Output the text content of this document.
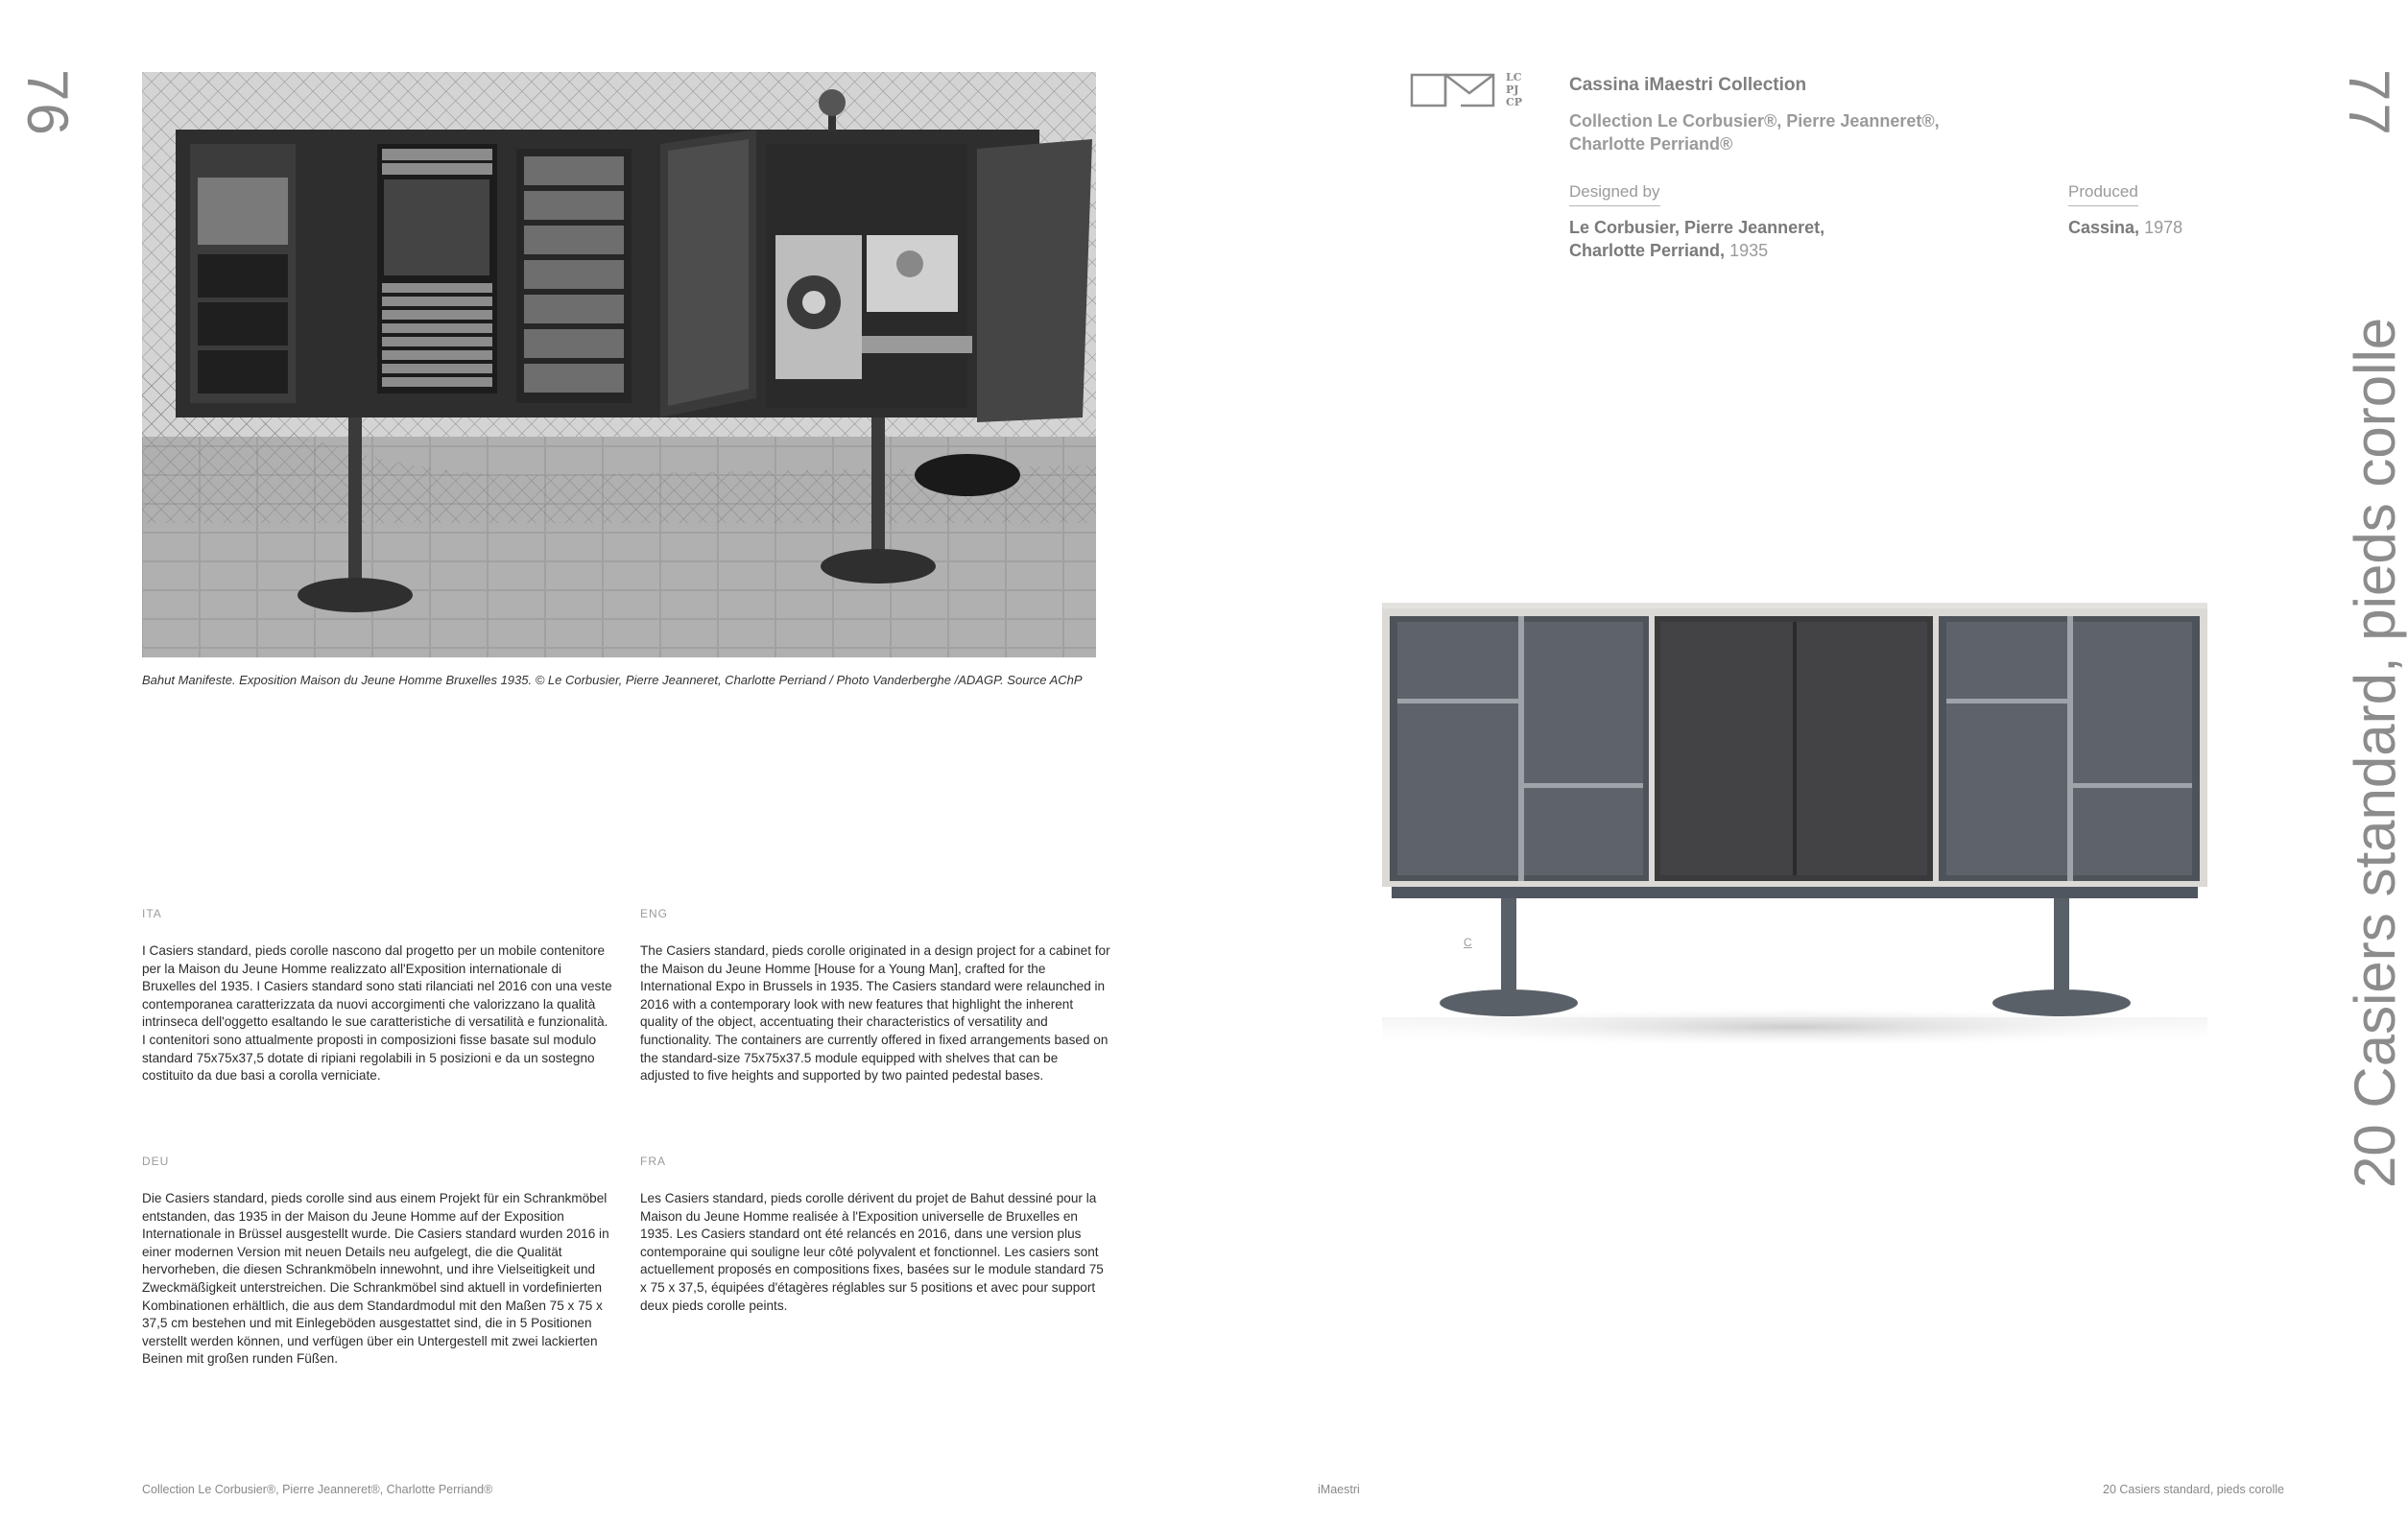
76
Bahut Manifeste. Exposition Maison du Jeune Homme Bruxelles 1935. © Le Corbusier, Pierre Jeanneret, Charlotte Perriand / Photo Vanderberghe /ADAGP. Source AChP
ITA
I Casiers standard, pieds corolle nascono dal progetto per un mobile contenitore per la Maison du Jeune Homme realizzato all'Exposition internationale di Bruxelles del 1935. I Casiers standard sono stati rilanciati nel 2016 con una veste contemporanea caratterizzata da nuovi accorgimenti che valorizzano la qualità intrinseca dell'oggetto esaltando le sue caratteristiche di versatilità e funzionalità. I contenitori sono attualmente proposti in composizioni fisse basate sul modulo standard 75x75x37,5 dotate di ripiani regolabili in 5 posizioni e da un sostegno costituito da due basi a corolla verniciate.
ENG
The Casiers standard, pieds corolle originated in a design project for a cabinet for the Maison du Jeune Homme [House for a Young Man], crafted for the International Expo in Brussels in 1935. The Casiers standard were relaunched in 2016 with a contemporary look with new features that highlight the inherent quality of the object, accentuating their characteristics of versatility and functionality. The containers are currently offered in fixed arrangements based on the standard-size 75x75x37.5 module equipped with shelves that can be adjusted to five heights and supported by two painted pedestal bases.
DEU
Die Casiers standard, pieds corolle sind aus einem Projekt für ein Schrankmöbel entstanden, das 1935 in der Maison du Jeune Homme auf der Exposition Internationale in Brüssel ausgestellt wurde. Die Casiers standard wurden 2016 in einer modernen Version mit neuen Details neu aufgelegt, die die Qualität hervorheben, die diesen Schrankmöbeln innewohnt, und ihre Vielseitigkeit und Zweckmäßigkeit unterstreichen. Die Schrankmöbel sind aktuell in vordefinierten Kombinationen erhältlich, die aus dem Standardmodul mit den Maßen 75 x 75 x 37,5 cm bestehen und mit Einlegeböden ausgestattet sind, die in 5 Positionen verstellt werden können, und verfügen über ein Untergestell mit zwei lackierten Beinen mit großen runden Füßen.
FRA
Les Casiers standard, pieds corolle dérivent du projet de Bahut dessiné pour la Maison du Jeune Homme realisée à l'Exposition universelle de Bruxelles en 1935. Les Casiers standard ont été relancés en 2016, dans une version plus contemporaine qui souligne leur côté polyvalent et fonctionnel. Les casiers sont actuellement proposés en compositions fixes, basées sur le module standard 75 x 75 x 37,5, équipées d'étagères réglables sur 5 positions et avec pour support deux pieds corolle peints.
Collection Le Corbusier®, Pierre Jeanneret®, Charlotte Perriand®	iMaestri
LC
PJ
CP
Cassina iMaestri Collection
Collection Le Corbusier®, Pierre Jeanneret®,
Charlotte Perriand®
Designed by
Le Corbusier, Pierre Jeanneret,
Charlotte Perriand, 1935
Produced
Cassina, 1978
77
20 Casiers standard, pieds corolle
C
20 Casiers standard, pieds corolle
